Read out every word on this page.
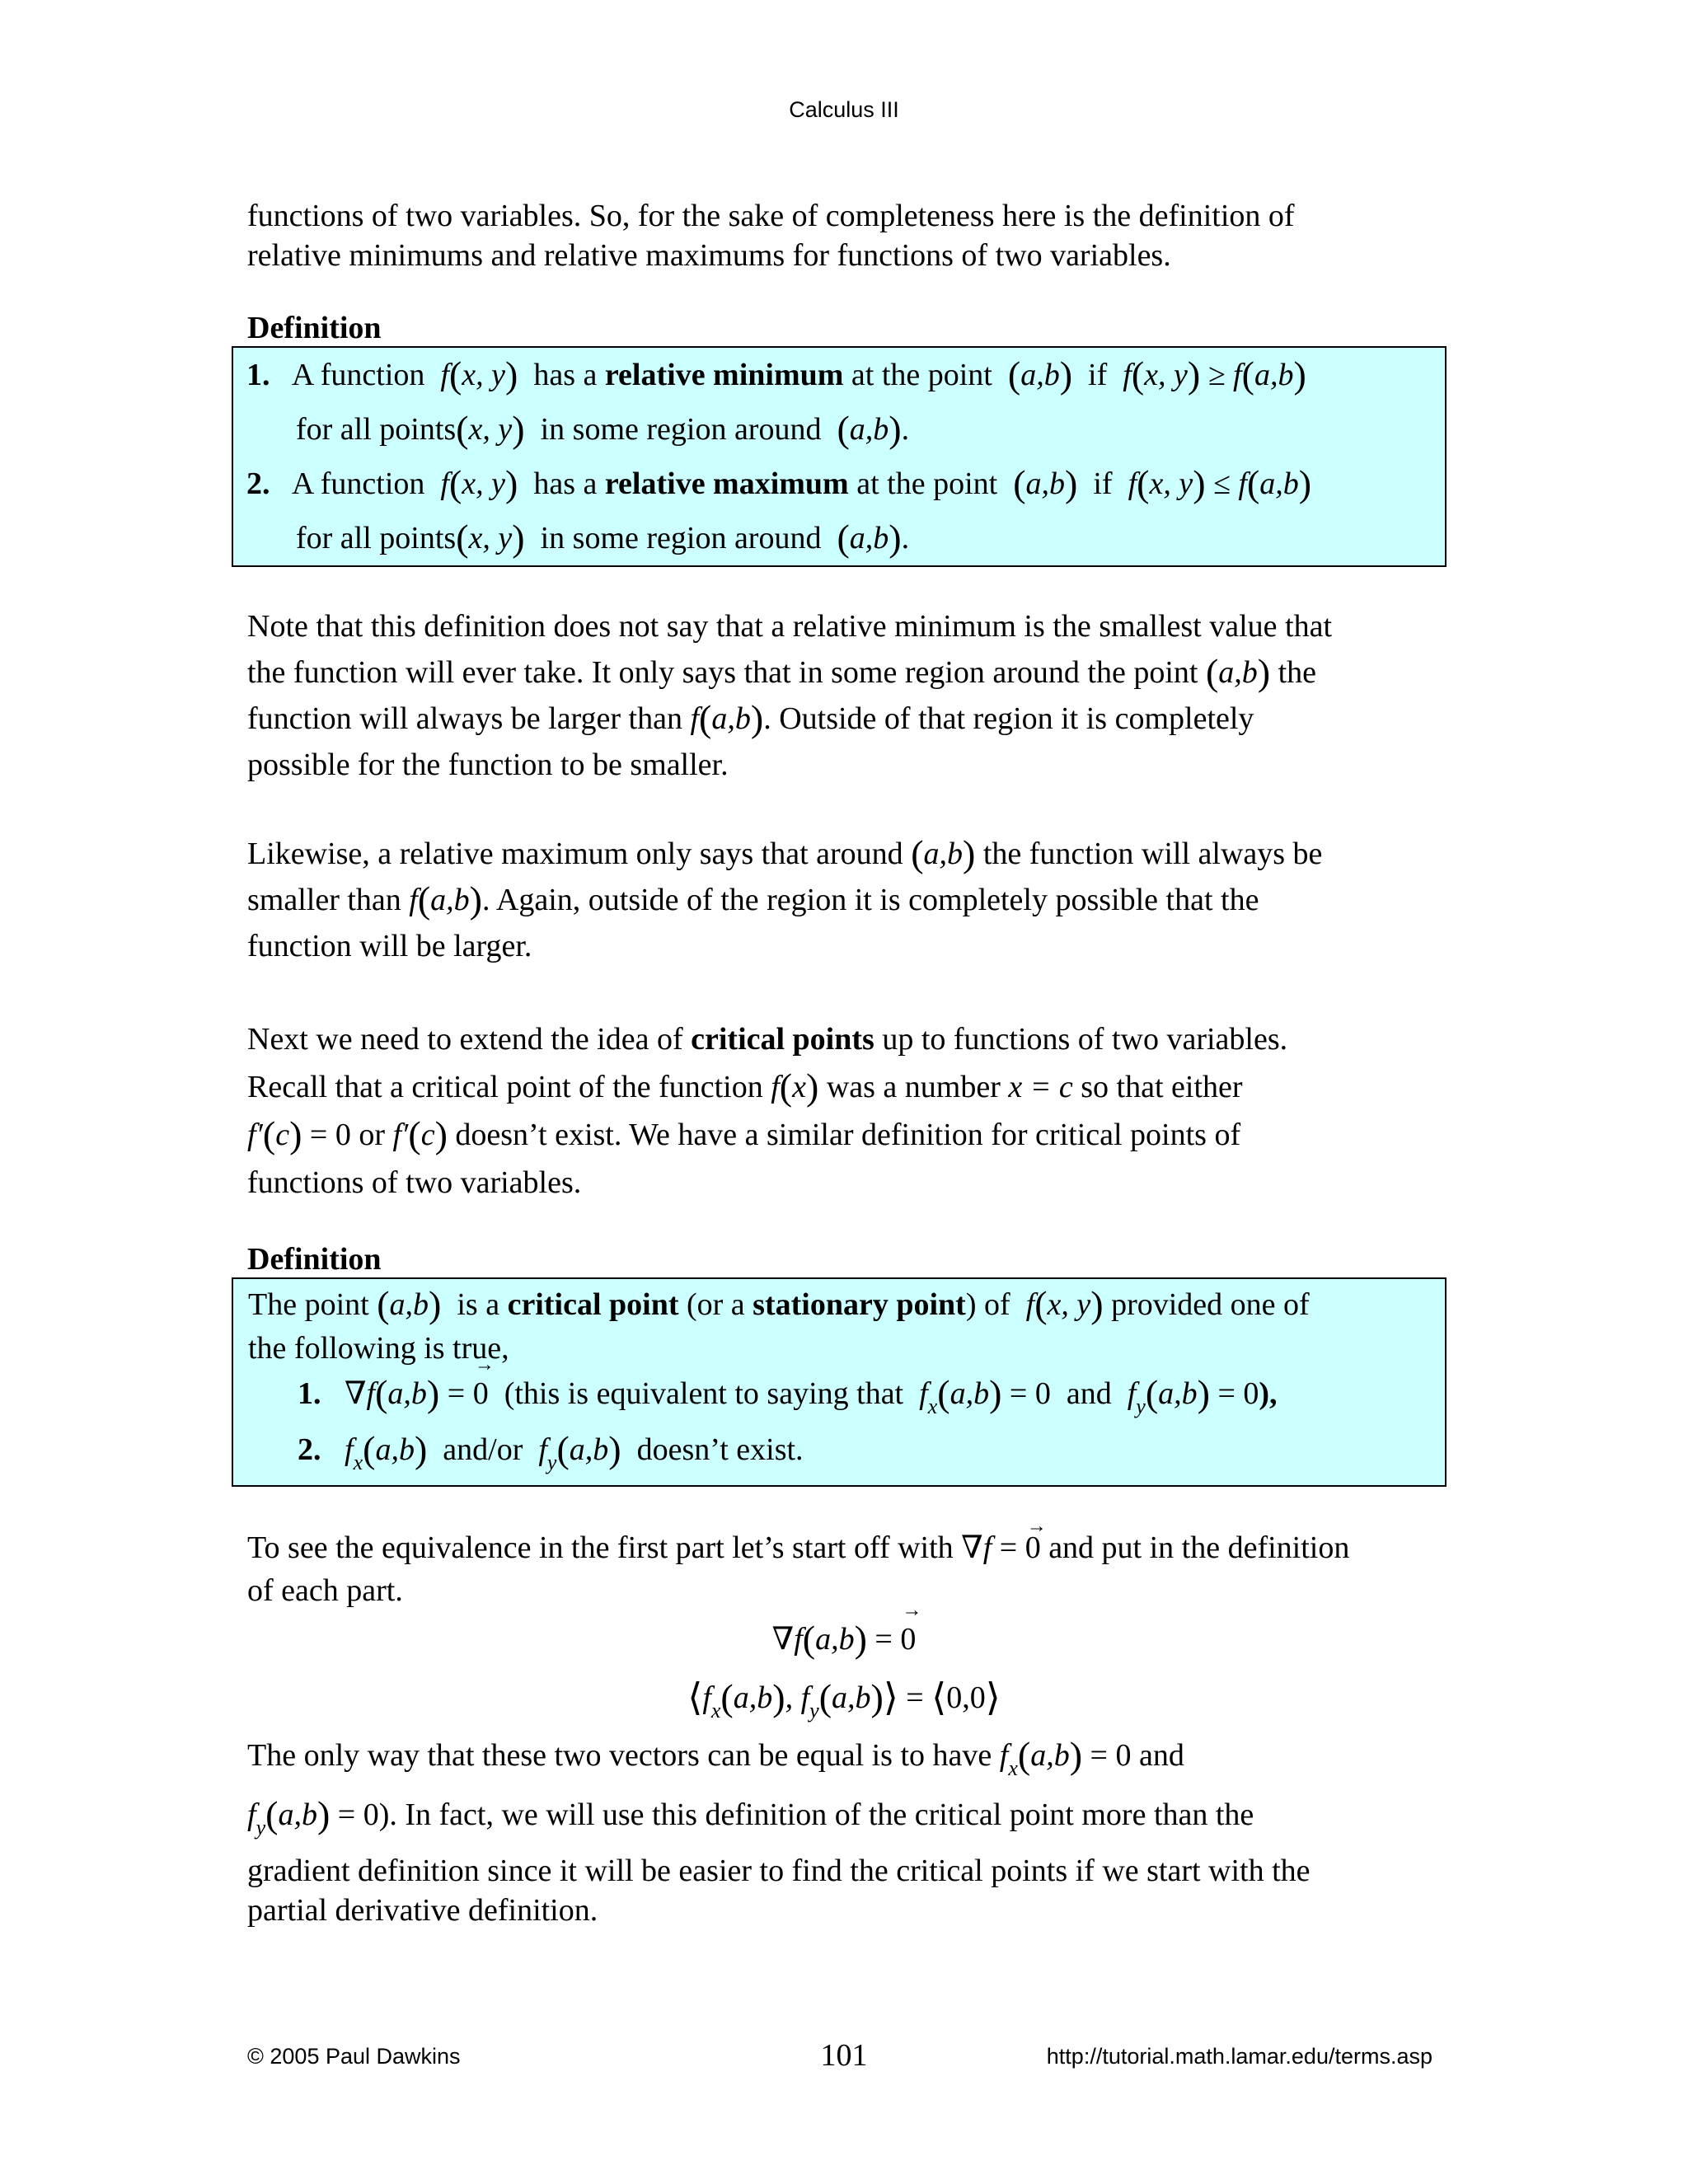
Calculus III
functions of two variables. So, for the sake of completeness here is the definition of
relative minimums and relative maximums for functions of two variables.
Definition
1. A function f(x, y) has a relative minimum at the point (a,b) if f(x, y) ≥ f(a,b)
for all points(x, y) in some region around (a,b).
2. A function f(x, y) has a relative maximum at the point (a,b) if f(x, y) ≤ f(a,b)
for all points(x, y) in some region around (a,b).
Note that this definition does not say that a relative minimum is the smallest value that
the function will ever take. It only says that in some region around the point (a,b) the
function will always be larger than f(a,b). Outside of that region it is completely
possible for the function to be smaller.
Likewise, a relative maximum only says that around (a,b) the function will always be
smaller than f(a,b). Again, outside of the region it is completely possible that the
function will be larger.
Next we need to extend the idea of critical points up to functions of two variables.
Recall that a critical point of the function f(x) was a number x = c so that either
f′(c) = 0 or f′(c) doesn’t exist. We have a similar definition for critical points of
functions of two variables.
Definition
The point (a,b) is a critical point (or a stationary point) of f(x, y) provided one of
the following is true,
1. ∇f(a,b) = 0 → (this is equivalent to saying that $f_x(a,b) = 0$ and $f_y(a,b) = 0$),
2. $f_x(a,b)$ and/or $f_y(a,b)$ doesn’t exist.
To see the equivalence in the first part let’s start off with ∇f = 0 → and put in the definition
of each part.
∇f(a,b) = 0 →
$⟨f_x(a,b)$, $f_y(a,b)⟩$ = ⟨0,0⟩
The only way that these two vectors can be equal is to have $f_x(a,b) = 0$ and
$f_y(a,b) = 0$). In fact, we will use this definition of the critical point more than the
gradient definition since it will be easier to find the critical points if we start with the
partial derivative definition.
© 2005 Paul Dawkins	101	http://tutorial.math.lamar.edu/terms.asp
